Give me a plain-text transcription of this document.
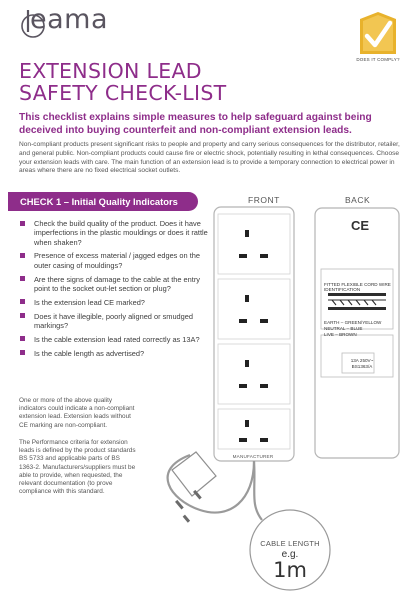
eama
DOES IT COMPLY?
EXTENSION LEAD
SAFETY CHECK-LIST

This checklist explains simple measures to help safeguard against being deceived into buying counterfeit and non-compliant extension leads.

Non-compliant products present significant risks to people and property and carry serious consequences for the distributor, retailer, and general public. Non-compliant products could cause fire or electric shock, potentially resulting in lethal consequences. Choose your extension leads with care. The main function of an extension lead is to provide a temporary connection to electrical power in areas where there are no fixed electrical socket outlets.

CHECK 1 – Initial Quality Indicators
Check the build quality of the product. Does it have imperfections in the plastic mouldings or does it rattle when shaken?
Presence of excess material / jagged edges on the outer casing of mouldings?
Are there signs of damage to the cable at the entry point to the socket out-let section or plug?
Is the extension lead CE marked?
Does it have illegible, poorly aligned or smudged markings?
Is the cable extension lead rated correctly as 13A?
Is the cable length as advertised?

One or more of the above quality indicators could indicate a non-compliant extension lead. Extension leads without CE marking are non-compliant.

The Performance criteria for extension leads is defined by the product standards BS 5733 and applicable parts of BS 1363-2. Manufacturers/suppliers must be able to provide, when requested, the relevant documentation (to prove compliance with this standard.

FRONT	BACK
MANUFACTURER
CE
FITTED FLEXIBLE CORD WIRE IDENTIFICATION
EARTH – GREEN/YELLOW
NEUTRAL – BLUE
LIVE – BROWN
13A 250V~
BS1363/A
CABLE LENGTH
e.g.
1m
